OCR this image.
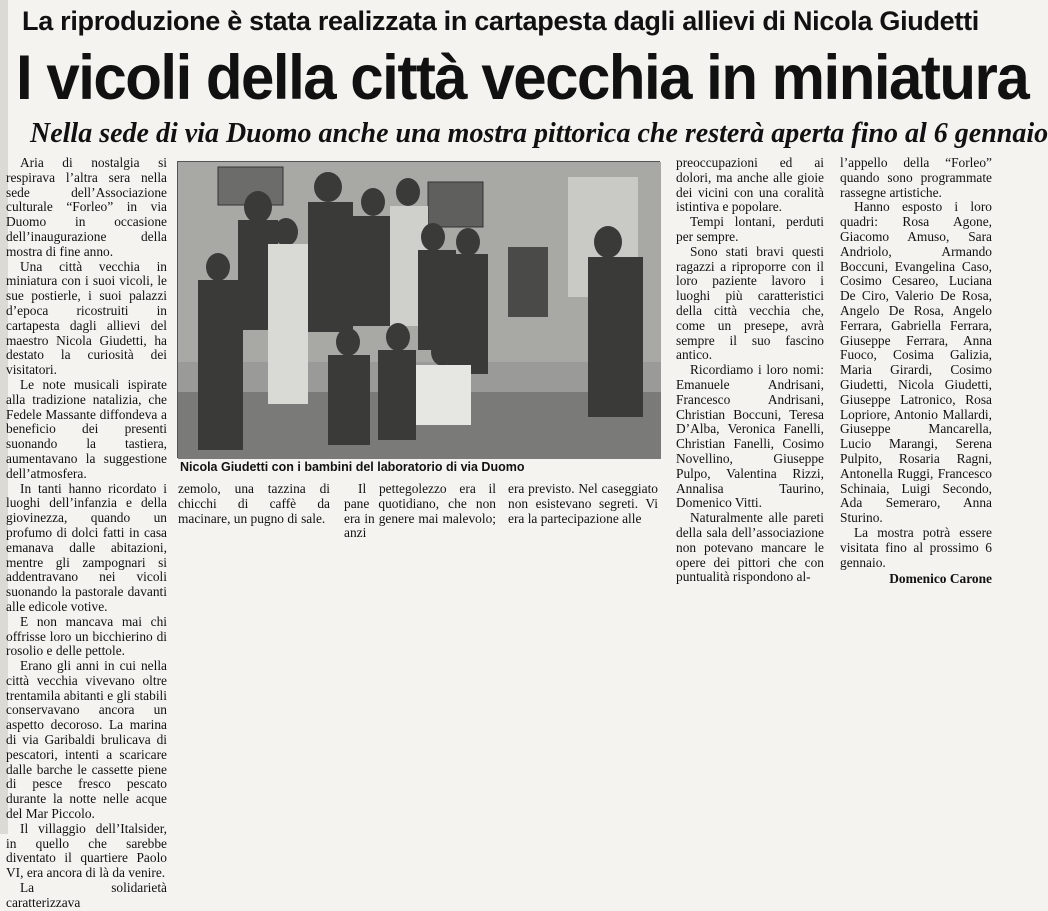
La riproduzione è stata realizzata in cartapesta dagli allievi di Nicola Giudetti
I vicoli della città vecchia in miniatura
Nella sede di via Duomo anche una mostra pittorica che resterà aperta fino al 6 gennaio

Aria di nostalgia si respirava l’altra sera nella sede dell’Associazione culturale “Forleo” in via Duomo in occasione dell’inaugurazione della mostra di fine anno.

Una città vecchia in miniatura con i suoi vicoli, le sue postierle, i suoi palazzi d’epoca ricostruiti in cartapesta dagli allievi del maestro Nicola Giudetti, ha destato la curiosità dei visitatori.

Le note musicali ispirate alla tradizione natalizia, che Fedele Massante diffondeva a beneficio dei presenti suonando la tastiera, aumentavano la suggestione dell’atmosfera.

In tanti hanno ricordato i luoghi dell’infanzia e della giovinezza, quando un profumo di dolci fatti in casa emanava dalle abitazioni, mentre gli zampognari si addentravano nei vicoli suonando la pastorale davanti alle edicole votive.

E non mancava mai chi offrisse loro un bicchierino di rosolio e delle pettole.

Erano gli anni in cui nella città vecchia vivevano oltre trentamila abitanti e gli stabili conservavano ancora un aspetto decoroso. La marina di via Garibaldi brulicava di pescatori, intenti a scaricare dalle barche le cassette piene di pesce fresco pescato durante la notte nelle acque del Mar Piccolo.

Il villaggio dell’Italsider, in quello che sarebbe diventato il quartiere Paolo VI, era ancora di là da venire.

La solidarietà caratterizzava

Nicola Giudetti con i bambini del laboratorio di via Duomo

zemolo, una tazzina di chicchi di caffè da macinare, un pugno di sale.

Il pettegolezzo era il pane quotidiano, che non era in genere mai malevolo; anzi

era previsto. Nel caseggiato non esistevano segreti. Vi era la partecipazione alle

preoccupazioni ed ai dolori, ma anche alle gioie dei vicini con una coralità istintiva e popolare.

Tempi lontani, perduti per sempre.

Sono stati bravi questi ragazzi a riproporre con il loro paziente lavoro i luoghi più caratteristici della città vecchia che, come un presepe, avrà sempre il suo fascino antico.

Ricordiamo i loro nomi: Emanuele Andrisani, Francesco Andrisani, Christian Boccuni, Teresa D’Alba, Veronica Fanelli, Christian Fanelli, Cosimo Novellino, Giuseppe Pulpo, Valentina Rizzi, Annalisa Taurino, Domenico Vitti.

Naturalmente alle pareti della sala dell’associazione non potevano mancare le opere dei pittori che con puntualità rispondono al-

l’appello della “Forleo” quando sono programmate rassegne artistiche.

Hanno esposto i loro quadri: Rosa Agone, Giacomo Amuso, Sara Andriolo, Armando Boccuni, Evangelina Caso, Cosimo Cesareo, Luciana De Ciro, Valerio De Rosa, Angelo De Rosa, Angelo Ferrara, Gabriella Ferrara, Giuseppe Ferrara, Anna Fuoco, Cosima Galizia, Maria Girardi, Cosimo Giudetti, Nicola Giudetti, Giuseppe Latronico, Rosa Lopriore, Antonio Mallardi, Giuseppe Mancarella, Lucio Marangi, Serena Pulpito, Rosaria Ragni, Antonella Ruggi, Francesco Schinaia, Luigi Secondo, Ada Semeraro, Anna Sturino.

La mostra potrà essere visitata fino al prossimo 6 gennaio.

Domenico Carone
